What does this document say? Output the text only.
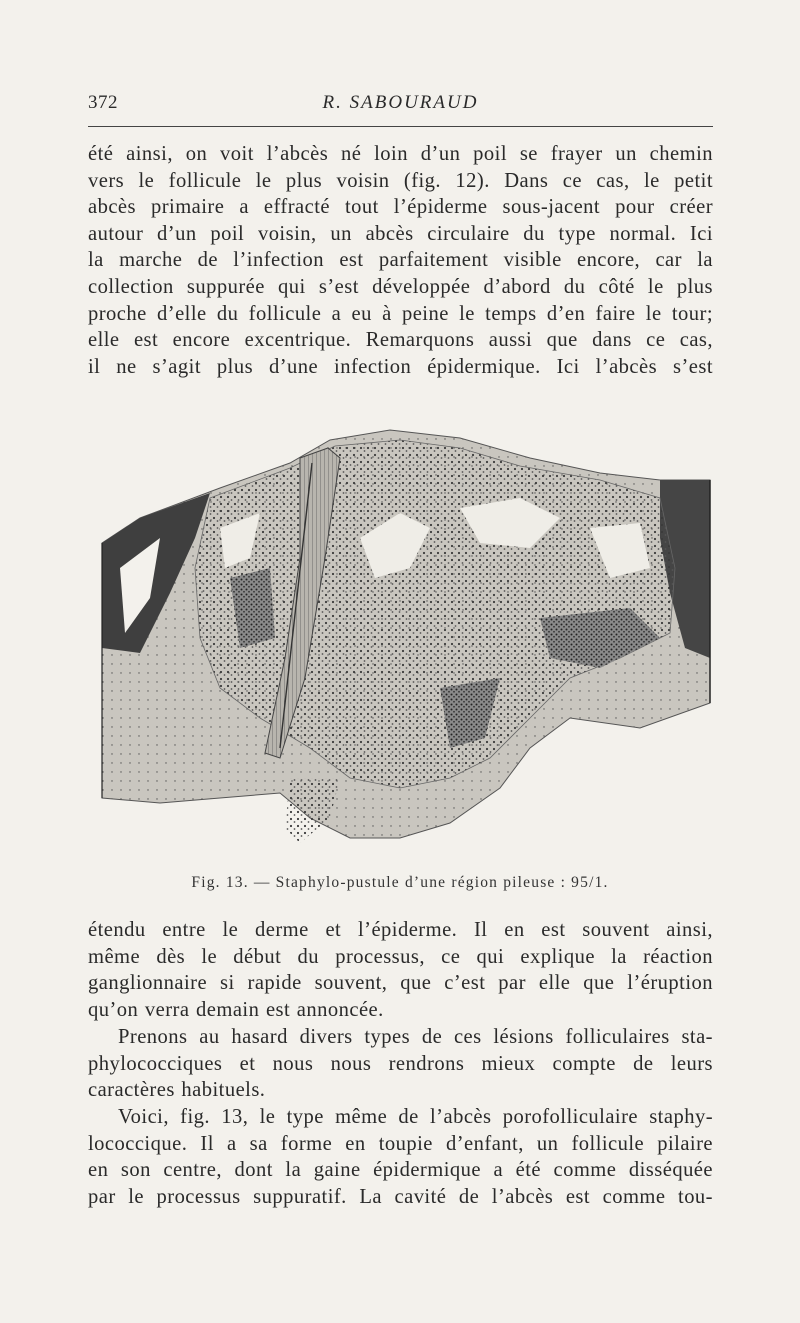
372	R. SABOURAUD
été ainsi, on voit l’abcès né loin d’un poil se frayer un chemin
vers le follicule le plus voisin (fig. 12). Dans ce cas, le petit
abcès primaire a effracté tout l’épiderme sous-jacent pour créer
autour d’un poil voisin, un abcès circulaire du type normal. Ici
la marche de l’infection est parfaitement visible encore, car la
collection suppurée qui s’est développée d’abord du côté le plus
proche d’elle du follicule a eu à peine le temps d’en faire le tour;
elle est encore excentrique. Remarquons aussi que dans ce cas,
il ne s’agit plus d’une infection épidermique. Ici l’abcès s’est
Fig. 13. — Staphylo-pustule d’une région pileuse : 95/1.
étendu entre le derme et l’épiderme. Il en est souvent ainsi,
même dès le début du processus, ce qui explique la réaction
ganglionnaire si rapide souvent, que c’est par elle que l’éruption
qu’on verra demain est annoncée.
Prenons au hasard divers types de ces lésions folliculaires sta-
phylococciques et nous nous rendrons mieux compte de leurs
caractères habituels.
Voici, fig. 13, le type même de l’abcès porofolliculaire staphy-
lococcique. Il a sa forme en toupie d’enfant, un follicule pilaire
en son centre, dont la gaine épidermique a été comme disséquée
par le processus suppuratif. La cavité de l’abcès est comme tou-
